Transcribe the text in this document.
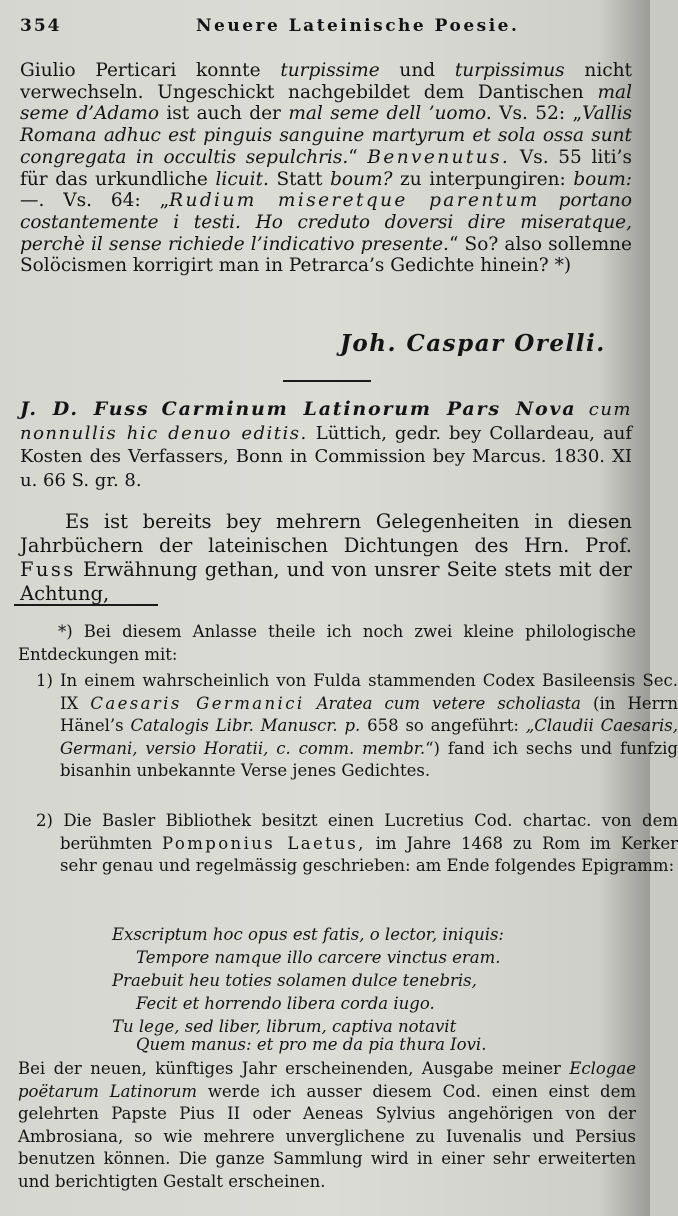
354	Neuere Lateinische Poesie.

Giulio Perticari konnte turpissime und turpissimus nicht verwechseln. Ungeschickt nachgebildet dem Dantischen mal seme d’Adamo ist auch der mal seme dell ’uomo. Vs. 52: „Vallis Romana adhuc est pinguis sanguine martyrum et sola ossa sunt congregata in occultis sepulchris.“ Benvenutus. Vs. 55 liti’s für das urkundliche licuit. Statt boum? zu interpungiren: boum: —. Vs. 64: „Rudium miseretque parentum portano costantemente i testi. Ho creduto doversi dire miseratque, perchè il sense richiede l’indicativo presente.“ So? also sollemne Solöcismen korrigirt man in Petrarca’s Gedichte hinein? *)

Joh. Caspar Orelli.
J. D. Fuss Carminum Latinorum Pars Nova cum nonnullis hic denuo editis. Lüttich, gedr. bey Collardeau, auf Kosten des Verfassers, Bonn in Commission bey Marcus. 1830. XI u. 66 S. gr. 8.
Es ist bereits bey mehrern Gelegenheiten in diesen Jahrbüchern der lateinischen Dichtungen des Hrn. Prof. Fuss Erwähnung gethan, und von unsrer Seite stets mit der Achtung,
*) Bei diesem Anlasse theile ich noch zwei kleine philologische Entdeckungen mit:
1) In einem wahrscheinlich von Fulda stammenden Codex Basileensis Sec. IX Caesaris Germanici Aratea cum vetere scholiasta (in Herrn Hänel’s Catalogis Libr. Manuscr. p. 658 so angeführt: „Claudii Caesaris, Germani, versio Horatii, c. comm. membr.“) fand ich sechs und funfzig bisanhin unbekannte Verse jenes Gedichtes.
2) Die Basler Bibliothek besitzt einen Lucretius Cod. chartac. von dem berühmten Pomponius Laetus, im Jahre 1468 zu Rom im Kerker sehr genau und regelmässig geschrieben: am Ende folgendes Epigramm:
Exscriptum hoc opus est fatis, o lector, iniquis:
Tempore namque illo carcere vinctus eram.
Praebuit heu toties solamen dulce tenebris,
Fecit et horrendo libera corda iugo.
Tu lege, sed liber, librum, captiva notavit
Quem manus: et pro me da pia thura Iovi.
Bei der neuen, künftiges Jahr erscheinenden, Ausgabe meiner Eclogae poëtarum Latinorum werde ich ausser diesem Cod. einen einst dem gelehrten Papste Pius II oder Aeneas Sylvius angehörigen von der Ambrosiana, so wie mehrere unverglichene zu Iuvenalis und Persius benutzen können. Die ganze Sammlung wird in einer sehr erweiterten und berichtigten Gestalt erscheinen.
